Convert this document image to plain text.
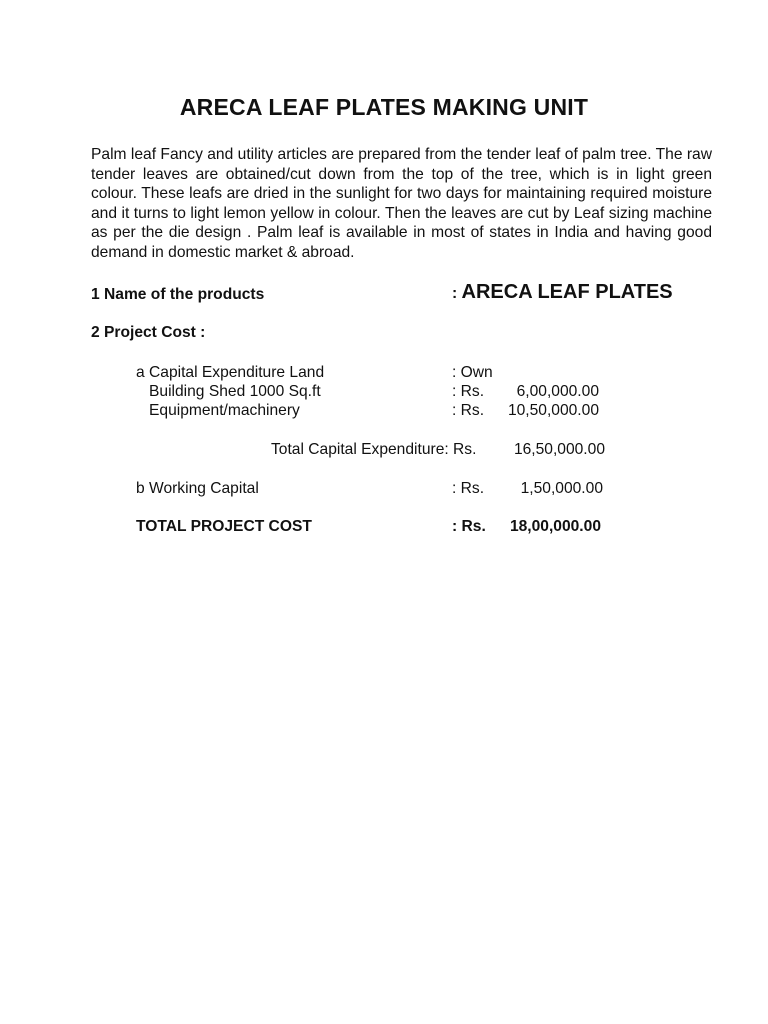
ARECA LEAF PLATES MAKING UNIT

Palm leaf Fancy and utility articles are prepared from the tender leaf of palm tree. The raw tender leaves are obtained/cut down from the top of the tree, which is in light green colour. These leafs are dried in the sunlight for two days for maintaining required moisture and it turns to light lemon yellow in colour. Then the leaves are cut by Leaf sizing machine as per the die design . Palm leaf is available in most of states in India and having good demand in domestic market & abroad.

1 Name of the products	: ARECA LEAF PLATES
2 Project Cost :
a Capital Expenditure Land	: Own
Building Shed 1000 Sq.ft	: Rs.	6,00,000.00
Equipment/machinery	: Rs.	10,50,000.00
Total Capital Expenditure: Rs.	16,50,000.00
b Working Capital	: Rs.	1,50,000.00
TOTAL PROJECT COST	: Rs.	18,00,000.00
